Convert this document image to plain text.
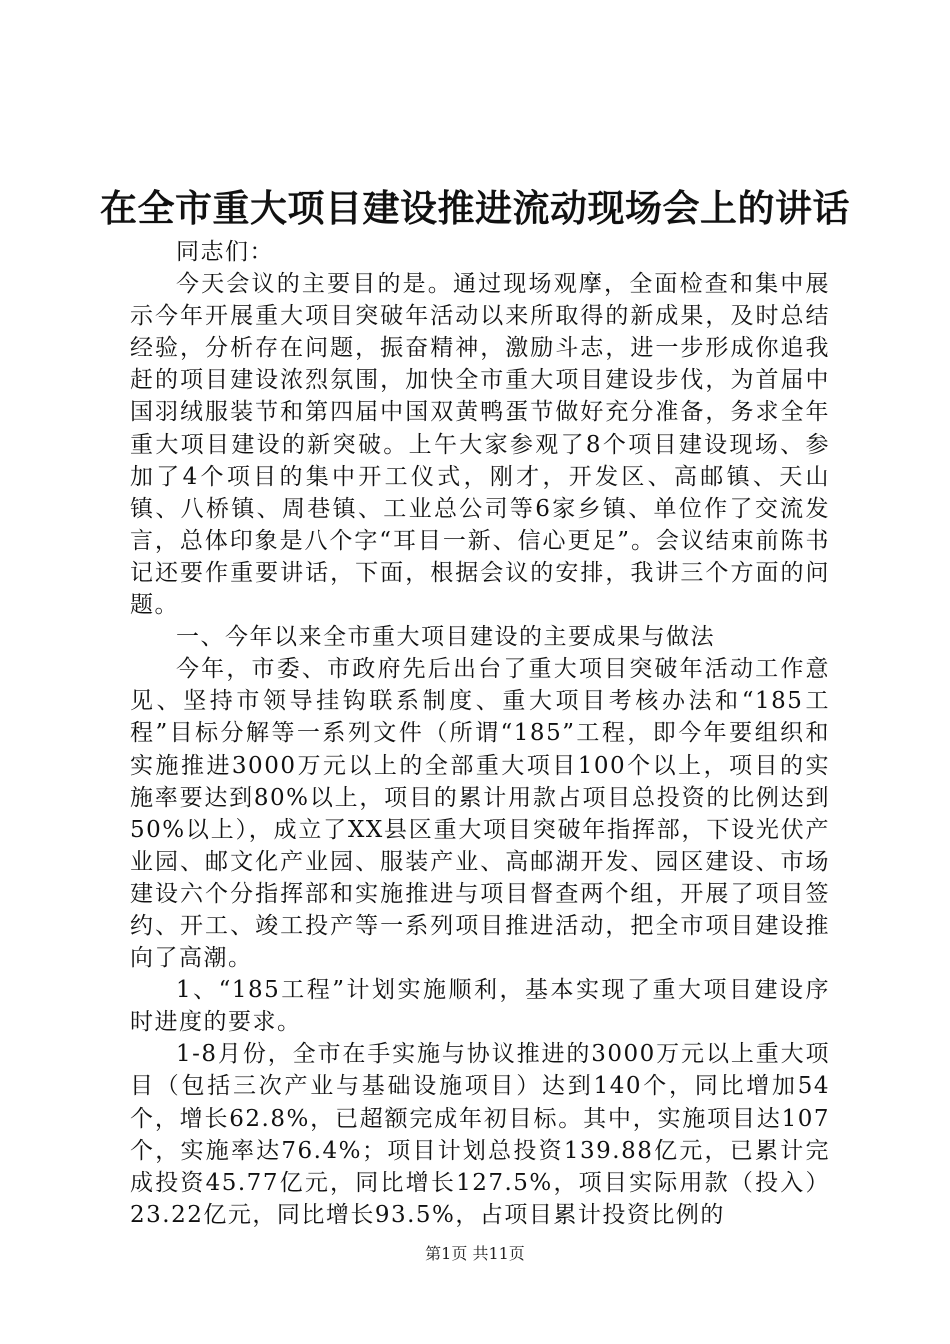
在全市重大项目建设推进流动现场会上的讲话

同志们：

今天会议的主要目的是。通过现场观摩，全面检查和集中展示今年开展重大项目突破年活动以来所取得的新成果，及时总结经验，分析存在问题，振奋精神，激励斗志，进一步形成你追我赶的项目建设浓烈氛围，加快全市重大项目建设步伐，为首届中国羽绒服装节和第四届中国双黄鸭蛋节做好充分准备，务求全年重大项目建设的新突破。上午大家参观了8个项目建设现场、参加了4个项目的集中开工仪式，刚才，开发区、高邮镇、天山镇、八桥镇、周巷镇、工业总公司等6家乡镇、单位作了交流发言，总体印象是八个字“耳目一新、信心更足”。会议结束前陈书记还要作重要讲话，下面，根据会议的安排，我讲三个方面的问题。

一、今年以来全市重大项目建设的主要成果与做法

今年，市委、市政府先后出台了重大项目突破年活动工作意见、坚持市领导挂钩联系制度、重大项目考核办法和“185工程”目标分解等一系列文件（所谓“185”工程，即今年要组织和实施推进3000万元以上的全部重大项目100个以上，项目的实施率要达到80%以上，项目的累计用款占项目总投资的比例达到50%以上），成立了XX县区重大项目突破年指挥部，下设光伏产业园、邮文化产业园、服装产业、高邮湖开发、园区建设、市场建设六个分指挥部和实施推进与项目督查两个组，开展了项目签约、开工、竣工投产等一系列项目推进活动，把全市项目建设推向了高潮。

1、“185工程”计划实施顺利，基本实现了重大项目建设序时进度的要求。

1-8月份，全市在手实施与协议推进的3000万元以上重大项目（包括三次产业与基础设施项目）达到140个，同比增加54个，增长62.8%，已超额完成年初目标。其中，实施项目达107个，实施率达76.4%；项目计划总投资139.88亿元，已累计完成投资45.77亿元，同比增长127.5%，项目实际用款（投入）23.22亿元，同比增长93.5%，占项目累计投资比例的

第1页 共11页
